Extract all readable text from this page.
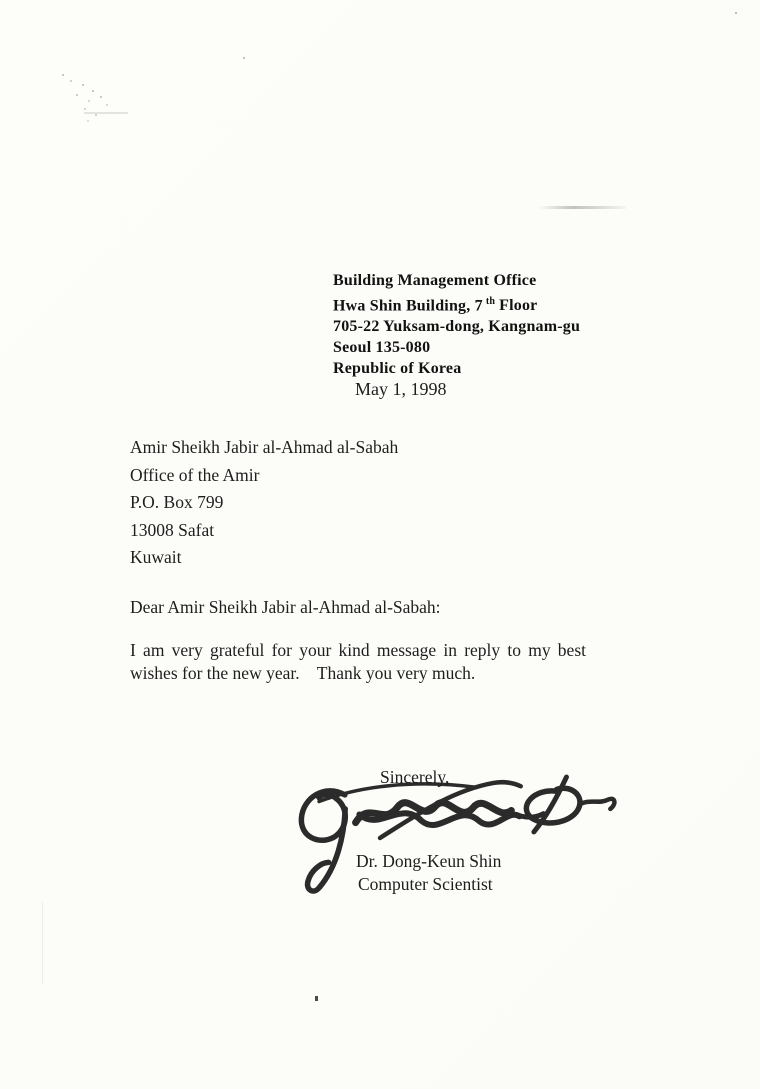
Building Management Office
Hwa Shin Building, 7 $^{th}$ Floor
705-22 Yuksam-dong, Kangnam-gu
Seoul 135-080
Republic of Korea
May 1, 1998
Amir Sheikh Jabir al-Ahmad al-Sabah
Office of the Amir
P.O. Box 799
13008 Safat
Kuwait
Dear Amir Sheikh Jabir al-Ahmad al-Sabah:
I am very grateful for your kind message in reply to my best
wishes for the new year.    Thank you very much.
Sincerely,
Dr. Dong-Keun Shin
Computer Scientist
